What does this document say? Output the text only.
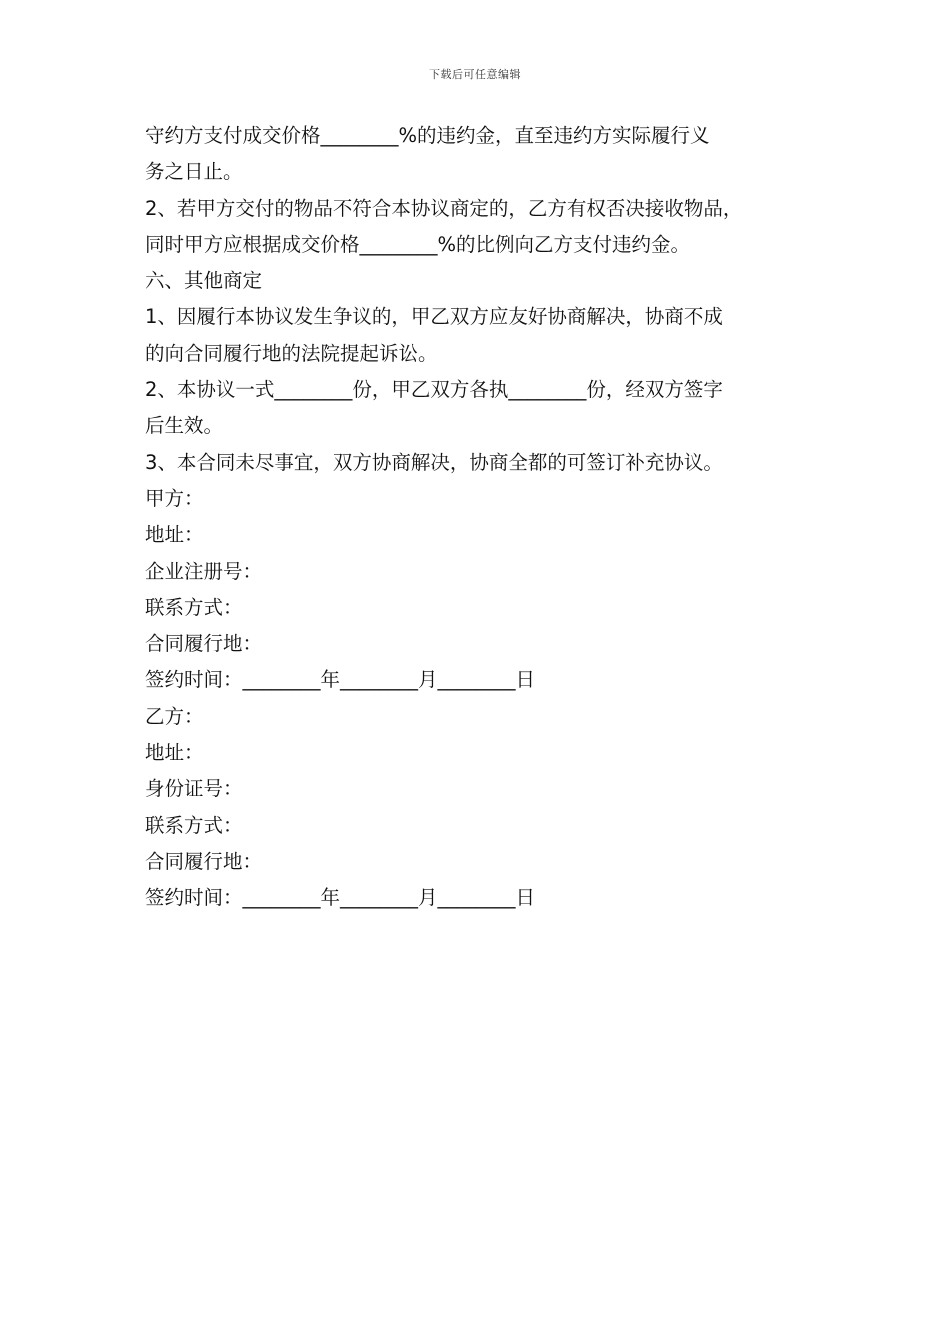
下载后可任意编辑
守约方支付成交价格________%的违约金，直至违约方实际履行义
务之日止。
2、若甲方交付的物品不符合本协议商定的，乙方有权否决接收物品，
同时甲方应根据成交价格________%的比例向乙方支付违约金。
六、其他商定
1、因履行本协议发生争议的，甲乙双方应友好协商解决，协商不成
的向合同履行地的法院提起诉讼。
2、本协议一式________份，甲乙双方各执________份，经双方签字
后生效。
3、本合同未尽事宜，双方协商解决，协商全都的可签订补充协议。
甲方：
地址：
企业注册号：
联系方式：
合同履行地：
签约时间：________年________月________日
乙方：
地址：
身份证号：
联系方式：
合同履行地：
签约时间：________年________月________日
